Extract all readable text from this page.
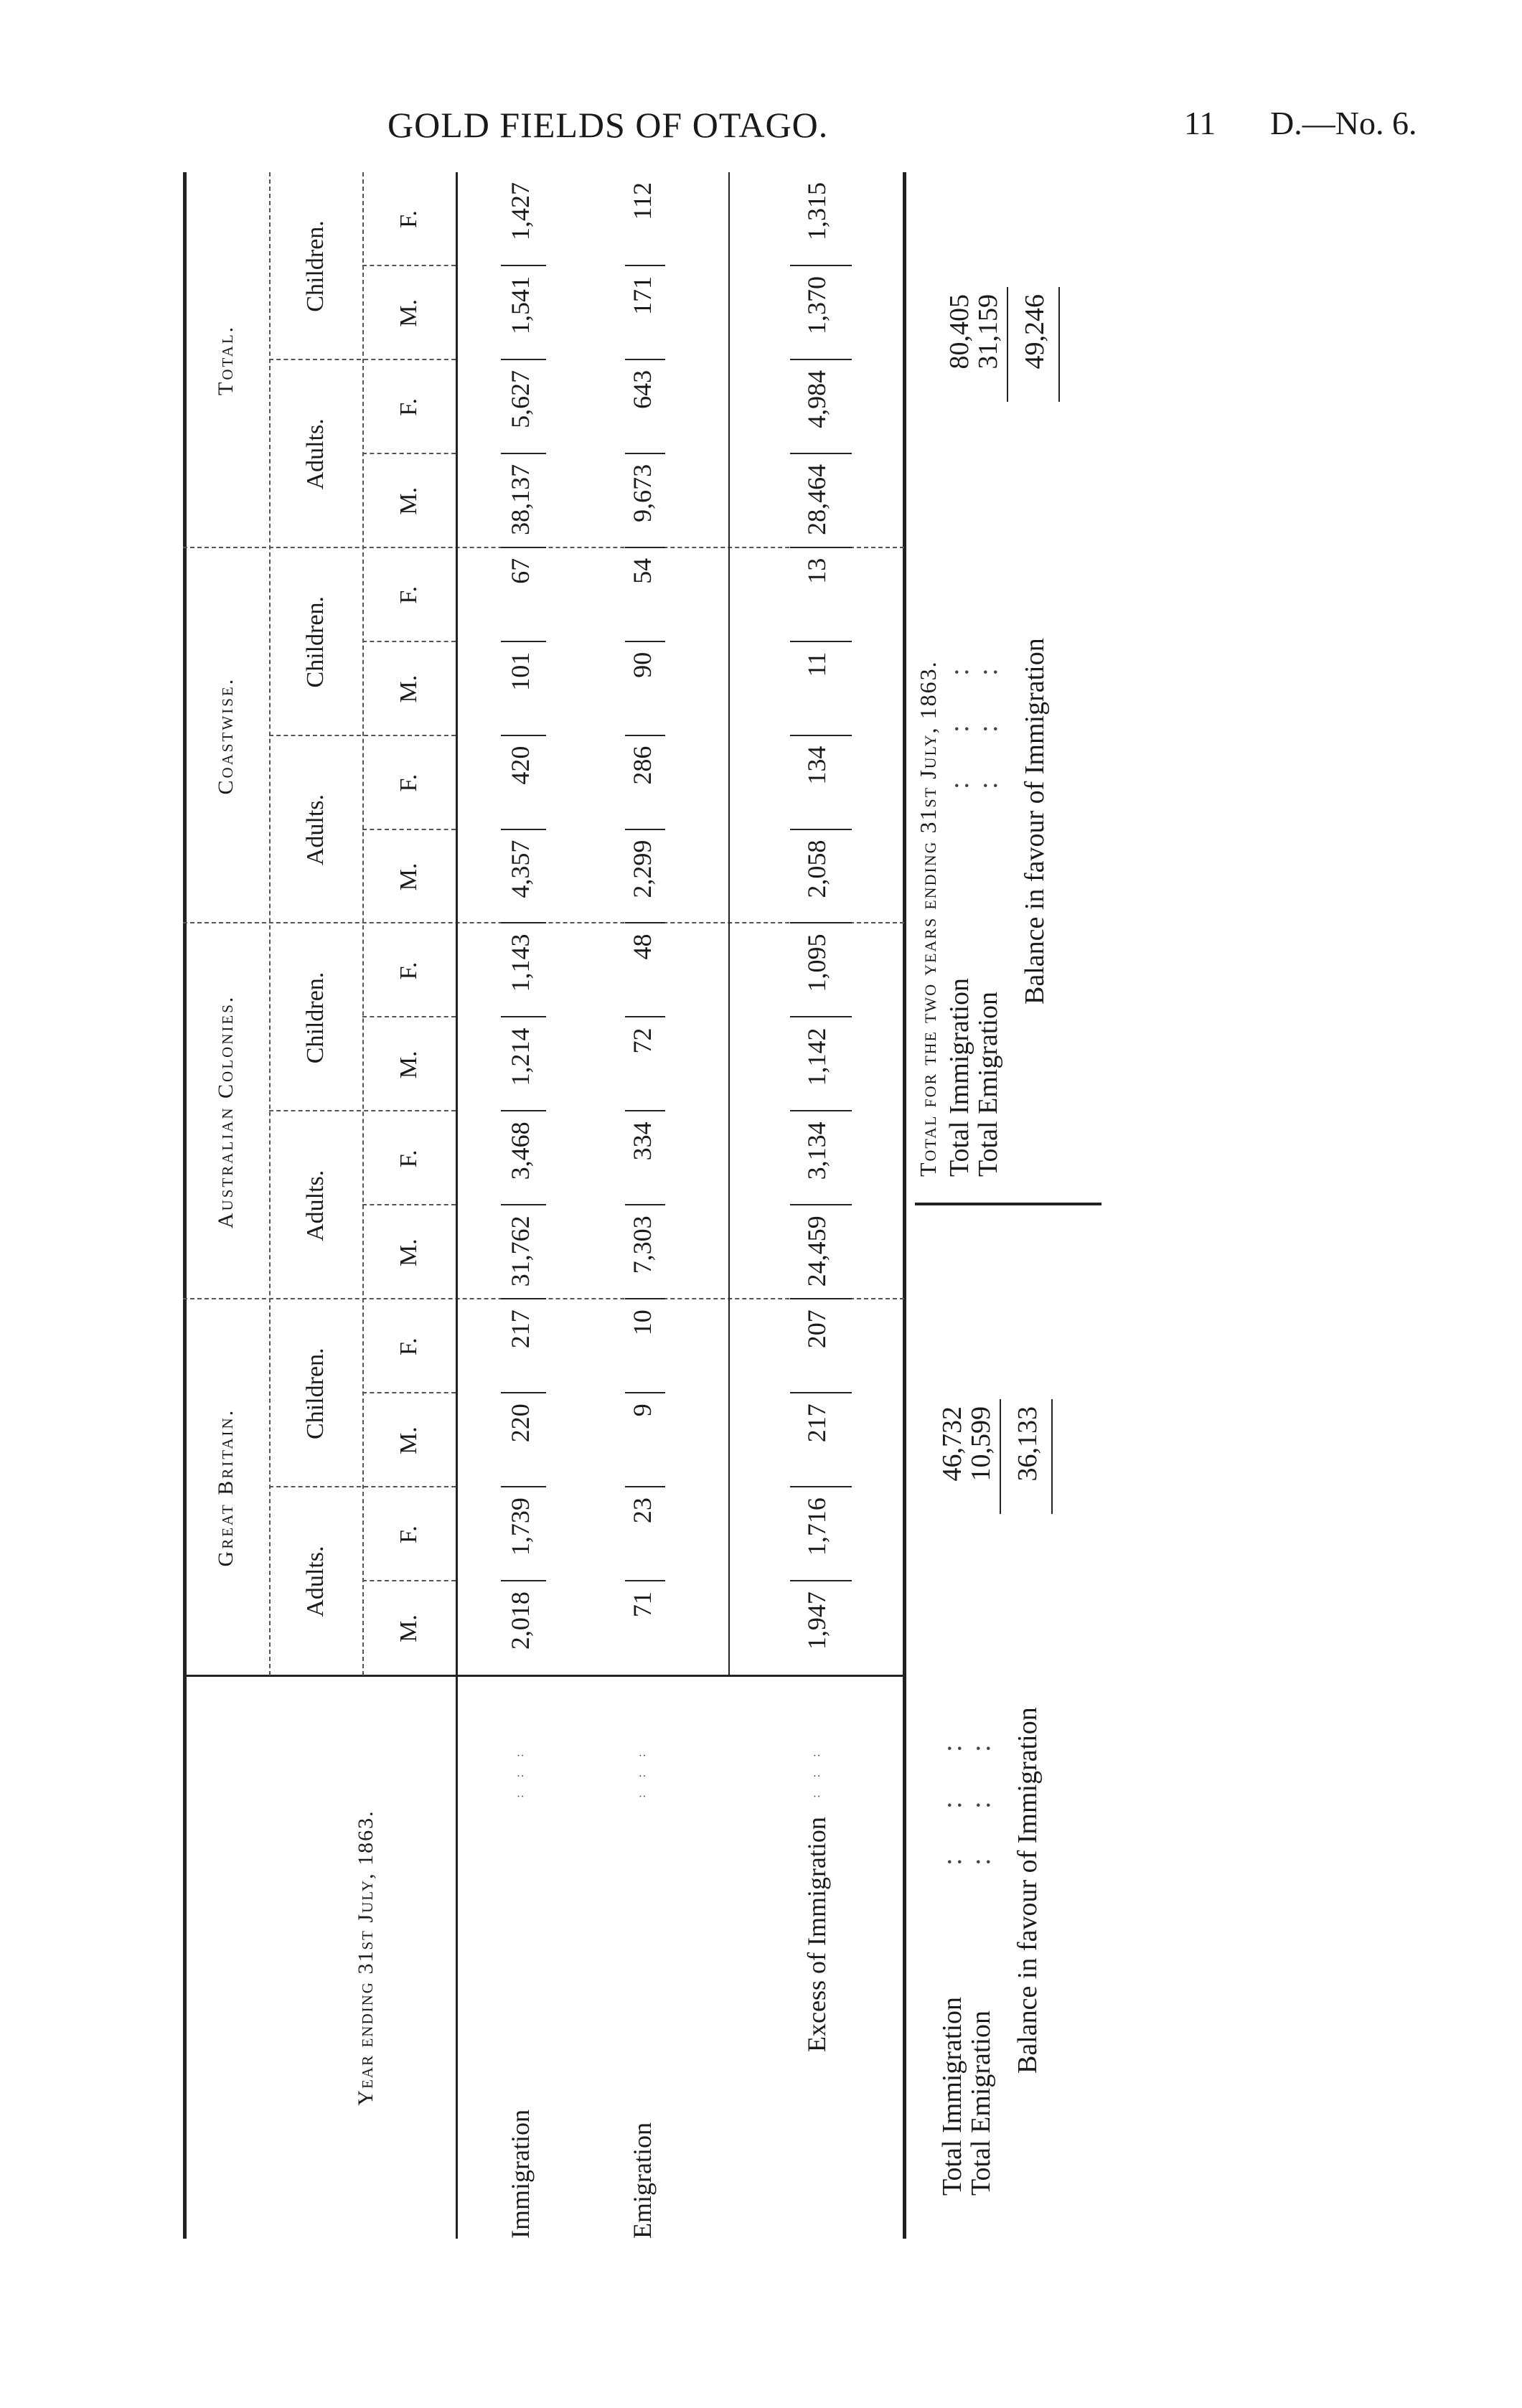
GOLD FIELDS OF OTAGO.	11 D.—No. 6.
Year ending 31st July, 1863.
Great Britain.
Adults.
M.
F.
Children.
M.
F.
Australian Colonies.	Adults.
M.
F.
Children.
M.
F.
Coastwise.
Adults.
M.
F.
Children.
M.
F.
Total.
Adults.
M.
F.
Children.
M.
F.
Immigration
: : :
2,018
1,739
220
217
31,762
3,468
1,214
1,143
4,357
420
101
67
38,137
5,627
1,541
1,427
Emigration
: : :
71
23
9
10
7,303
334
72
48
2,299
286
90
54
9,673
643
171
112
Excess of Immigration
: : :
1,947
1,716
217
207
24,459
3,134
1,142
1,095
2,058
134
11
13
28,464
4,984
1,370
1,315
Total Immigration
:   :   :
46,732
Total Emigration
:   :   :
10,599
Balance in favour of Immigration
36,133
Total for the two years ending 31st July, 1863. Total Immigration
:   :   :
80,405
Total Emigration
:   :   :
31,159
Balance in favour of Immigration
49,246
